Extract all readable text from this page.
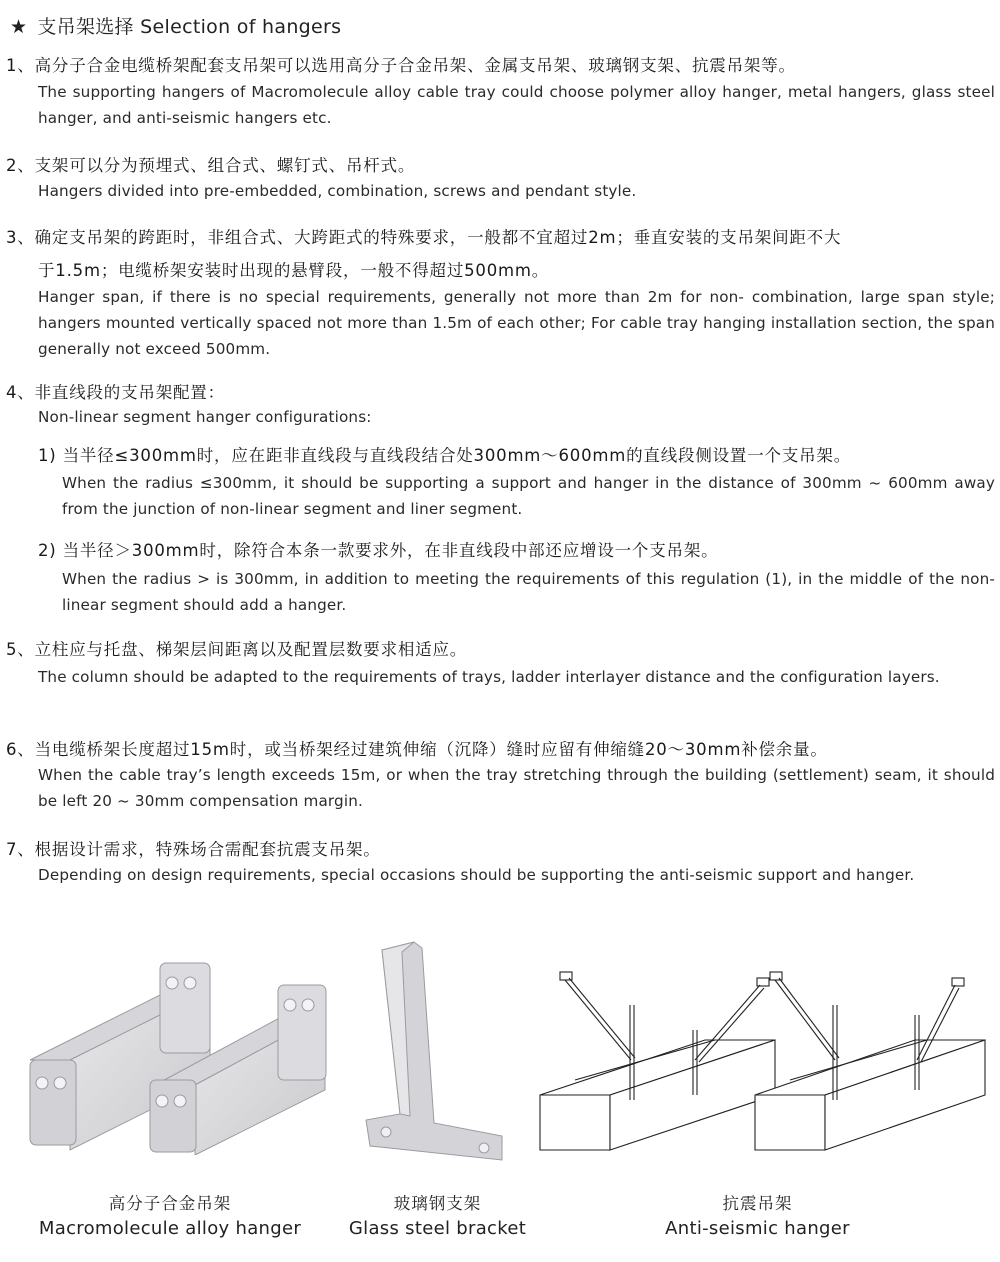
★ 支吊架选择 Selection of hangers
1、高分子合金电缆桥架配套支吊架可以选用高分子合金吊架、金属支吊架、玻璃钢支架、抗震吊架等。
The supporting hangers of Macromolecule alloy cable tray could choose polymer alloy hanger, metal hangers, glass steel hanger, and anti-seismic hangers etc.
2、支架可以分为预埋式、组合式、螺钉式、吊杆式。
Hangers divided into pre-embedded, combination, screws and pendant style.
3、确定支吊架的跨距时，非组合式、大跨距式的特殊要求，一般都不宜超过2m；垂直安装的支吊架间距不大
于1.5m；电缆桥架安装时出现的悬臂段，一般不得超过500mm。
Hanger span, if there is no special requirements, generally not more than 2m for non- combination, large span style; hangers mounted vertically spaced not more than 1.5m of each other; For cable tray hanging installation section, the span generally not exceed 500mm.
4、非直线段的支吊架配置：
Non-linear segment hanger configurations:
1) 当半径≤300mm时，应在距非直线段与直线段结合处300mm～600mm的直线段侧设置一个支吊架。
When the radius ≤300mm, it should be supporting a support and hanger in the distance of 300mm ~ 600mm away from the junction of non-linear segment and liner segment.
2) 当半径＞300mm时，除符合本条一款要求外，在非直线段中部还应增设一个支吊架。
When the radius > is 300mm, in addition to meeting the requirements of this regulation (1), in the middle of the non-linear segment should add a hanger.
5、立柱应与托盘、梯架层间距离以及配置层数要求相适应。
The column should be adapted to the requirements of trays, ladder interlayer distance and the configuration layers.
6、当电缆桥架长度超过15m时，或当桥架经过建筑伸缩（沉降）缝时应留有伸缩缝20～30mm补偿余量。
When the cable tray’s length exceeds 15m, or when the tray stretching through the building (settlement) seam, it should be left 20 ~ 30mm compensation margin.
7、根据设计需求，特殊场合需配套抗震支吊架。
Depending on design requirements, special occasions should be supporting the anti-seismic support and hanger.
高分子合金吊架
Macromolecule alloy hanger
玻璃钢支架
Glass steel bracket
抗震吊架
Anti-seismic hanger
